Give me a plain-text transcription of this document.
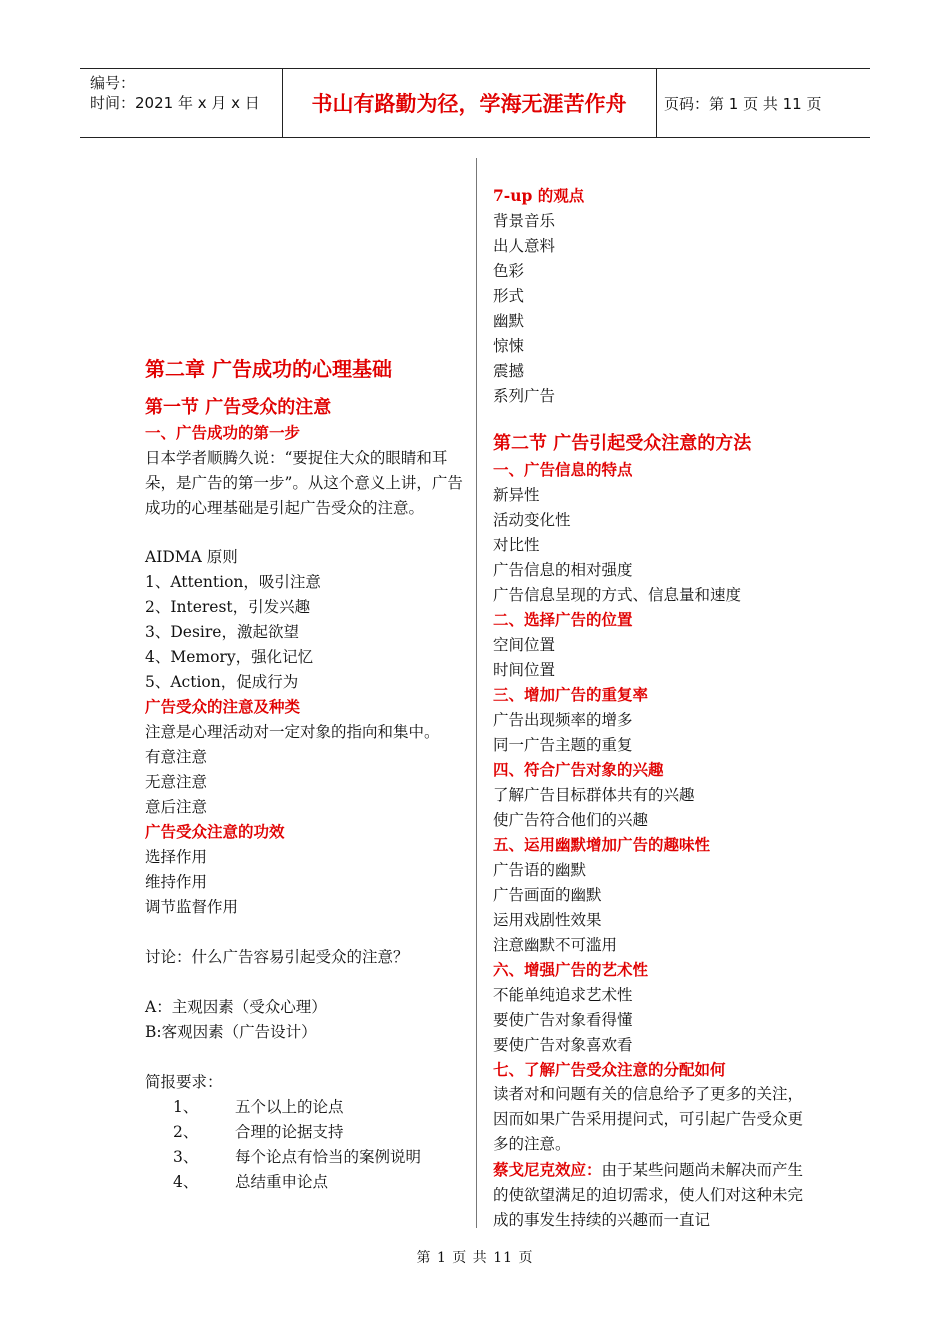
编号：
时间：2021 年 x 月 x 日	书山有路勤为径，学海无涯苦作舟	页码：第 1 页 共 11 页
第二章 广告成功的心理基础
第一节 广告受众的注意
一、广告成功的第一步
日本学者顺腾久说：“要捉住大众的眼睛和耳朵，是广告的第一步”。从这个意义上讲，广告成功的心理基础是引起广告受众的注意。
AIDMA 原则
1、Attention，吸引注意
2、Interest，引发兴趣
3、Desire，激起欲望
4、Memory，强化记忆
5、Action，促成行为
广告受众的注意及种类
注意是心理活动对一定对象的指向和集中。
有意注意
无意注意
意后注意
广告受众注意的功效
选择作用
维持作用
调节监督作用
讨论：什么广告容易引起受众的注意？
A：主观因素（受众心理）
B:客观因素（广告设计）
简报要求：
1、 五个以上的论点
2、 合理的论据支持
3、 每个论点有恰当的案例说明
4、 总结重申论点
7-up 的观点
背景音乐
出人意料
色彩
形式
幽默
惊悚
震撼
系列广告
第二节 广告引起受众注意的方法
一、广告信息的特点
新异性
活动变化性
对比性
广告信息的相对强度
广告信息呈现的方式、信息量和速度
二、选择广告的位置
空间位置
时间位置
三、增加广告的重复率
广告出现频率的增多
同一广告主题的重复
四、符合广告对象的兴趣
了解广告目标群体共有的兴趣
使广告符合他们的兴趣
五、运用幽默增加广告的趣味性
广告语的幽默
广告画面的幽默
运用戏剧性效果
注意幽默不可滥用
六、增强广告的艺术性
不能单纯追求艺术性
要使广告对象看得懂
要使广告对象喜欢看
七、了解广告受众注意的分配如何
读者对和问题有关的信息给予了更多的关注，因而如果广告采用提问式，可引起广告受众更多的注意。
蔡戈尼克效应：由于某些问题尚未解决而产生的使欲望满足的迫切需求，使人们对这种未完成的事发生持续的兴趣而一直记
第 1 页 共 11 页
